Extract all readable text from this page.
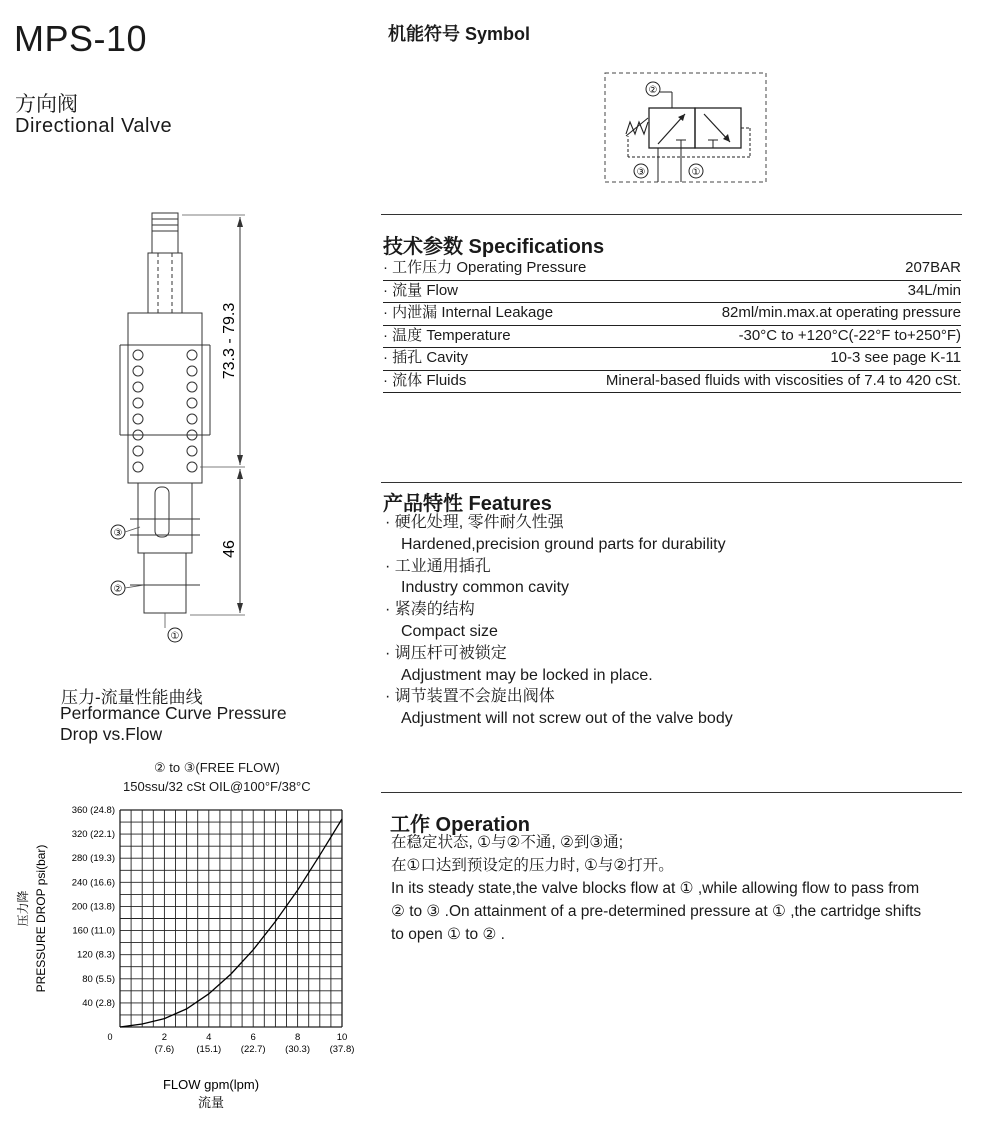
MPS-10
方向阀
Directional Valve
机能符号 Symbol
②
③	①
73.3 - 79.3
46
③
②
①
技术参数 Specifications
· 工作压力 Operating Pressure	207BAR
· 流量 Flow	34L/min
· 内泄漏 Internal Leakage	82ml/min.max.at operating pressure
· 温度 Temperature	-30°C to +120°C(-22°F to+250°F)
· 插孔 Cavity	10-3 see page K-11
· 流体 Fluids	Mineral-based fluids with viscosities of 7.4 to 420 cSt.
产品特性 Features
· 硬化处理, 零件耐久性强
Hardened,precision ground parts for durability
· 工业通用插孔
Industry common cavity
· 紧凑的结构
Compact size
· 调压杆可被锁定
Adjustment may be locked in place.
· 调节装置不会旋出阀体
Adjustment will not screw out of the valve body
工作 Operation
在稳定状态, ①与②不通, ②到③通;
在①口达到预设定的压力时, ①与②打开。
In its steady state,the valve blocks flow at ① ,while allowing flow to pass from
② to ③ .On attainment of a pre-determined pressure at ① ,the cartridge shifts
to open ① to ② .
压力-流量性能曲线
Performance Curve Pressure
Drop vs.Flow
② to ③(FREE FLOW)
150ssu/32 cSt OIL@100°F/38°C
40 (2.8)
80 (5.5)
120 (8.3)
160 (11.0)
200 (13.8)
240 (16.6)
280 (19.3)
320 (22.1)
360 (24.8)
2
(7.6)
4
(15.1)
6
(22.7)
8
(30.3)
10
(37.8)
0
PRESSURE DROP psi(bar)
压力降
FLOW gpm(lpm)
流量
